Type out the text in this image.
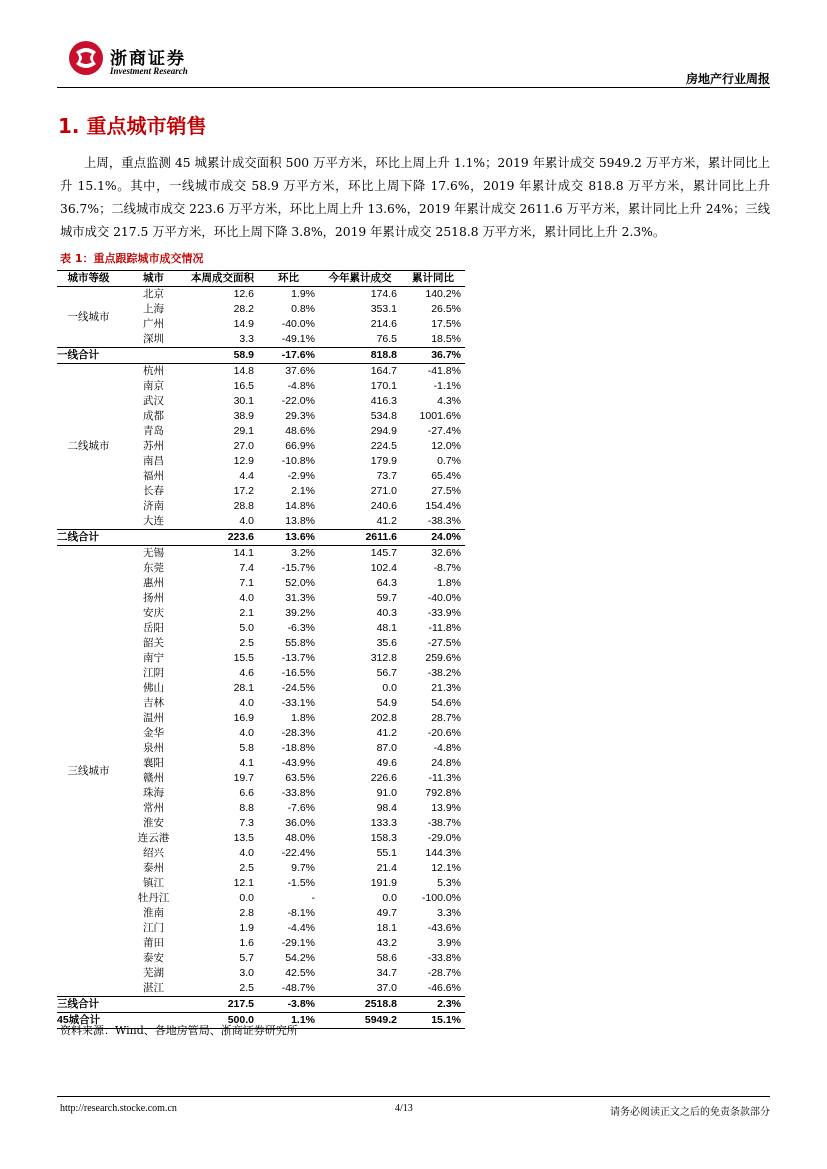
浙商证券
Investment Research
房地产行业周报
1. 重点城市销售
上周，重点监测 45 城累计成交面积 500 万平方米，环比上周上升 1.1%；2019 年累计成交 5949.2 万平方米，累计同比上升 15.1%。其中，一线城市成交 58.9 万平方米，环比上周下降 17.6%，2019 年累计成交 818.8 万平方米，累计同比上升 36.7%；二线城市成交 223.6 万平方米，环比上周上升 13.6%，2019 年累计成交 2611.6 万平方米，累计同比上升 24%；三线城市成交 217.5 万平方米，环比上周下降 3.8%，2019 年累计成交 2518.8 万平方米，累计同比上升 2.3%。
表 1：重点跟踪城市成交情况
城市等级	城市	本周成交面积	环比	今年累计成交	累计同比
一线城市	北京	12.6	1.9%	174.6	140.2%
	上海	28.2	0.8%	353.1	26.5%
	广州	14.9	-40.0%	214.6	17.5%
	深圳	3.3	-49.1%	76.5	18.5%
一线合计		58.9	-17.6%	818.8	36.7%
二线城市	杭州	14.8	37.6%	164.7	-41.8%
	南京	16.5	-4.8%	170.1	-1.1%
	武汉	30.1	-22.0%	416.3	4.3%
	成都	38.9	29.3%	534.8	1001.6%
	青岛	29.1	48.6%	294.9	-27.4%
	苏州	27.0	66.9%	224.5	12.0%
	南昌	12.9	-10.8%	179.9	0.7%
	福州	4.4	-2.9%	73.7	65.4%
	长春	17.2	2.1%	271.0	27.5%
	济南	28.8	14.8%	240.6	154.4%
	大连	4.0	13.8%	41.2	-38.3%
二线合计		223.6	13.6%	2611.6	24.0%
三线城市	无锡	14.1	3.2%	145.7	32.6%
	东莞	7.4	-15.7%	102.4	-8.7%
	惠州	7.1	52.0%	64.3	1.8%
	扬州	4.0	31.3%	59.7	-40.0%
	安庆	2.1	39.2%	40.3	-33.9%
	岳阳	5.0	-6.3%	48.1	-11.8%
	韶关	2.5	55.8%	35.6	-27.5%
	南宁	15.5	-13.7%	312.8	259.6%
	江阴	4.6	-16.5%	56.7	-38.2%
	佛山	28.1	-24.5%	0.0	21.3%
	吉林	4.0	-33.1%	54.9	54.6%
	温州	16.9	1.8%	202.8	28.7%
	金华	4.0	-28.3%	41.2	-20.6%
	泉州	5.8	-18.8%	87.0	-4.8%
	襄阳	4.1	-43.9%	49.6	24.8%
	赣州	19.7	63.5%	226.6	-11.3%
	珠海	6.6	-33.8%	91.0	792.8%
	常州	8.8	-7.6%	98.4	13.9%
	淮安	7.3	36.0%	133.3	-38.7%
	连云港	13.5	48.0%	158.3	-29.0%
	绍兴	4.0	-22.4%	55.1	144.3%
	泰州	2.5	9.7%	21.4	12.1%
	镇江	12.1	-1.5%	191.9	5.3%
	牡丹江	0.0	-	0.0	-100.0%
	淮南	2.8	-8.1%	49.7	3.3%
	江门	1.9	-4.4%	18.1	-43.6%
	莆田	1.6	-29.1%	43.2	3.9%
	泰安	5.7	54.2%	58.6	-33.8%
	芜湖	3.0	42.5%	34.7	-28.7%
	湛江	2.5	-48.7%	37.0	-46.6%
三线合计		217.5	-3.8%	2518.8	2.3%
45城合计		500.0	1.1%	5949.2	15.1%
资料来源：Wind、各地房管局、浙商证券研究所
http://research.stocke.com.cn	4/13	请务必阅读正文之后的免责条款部分
